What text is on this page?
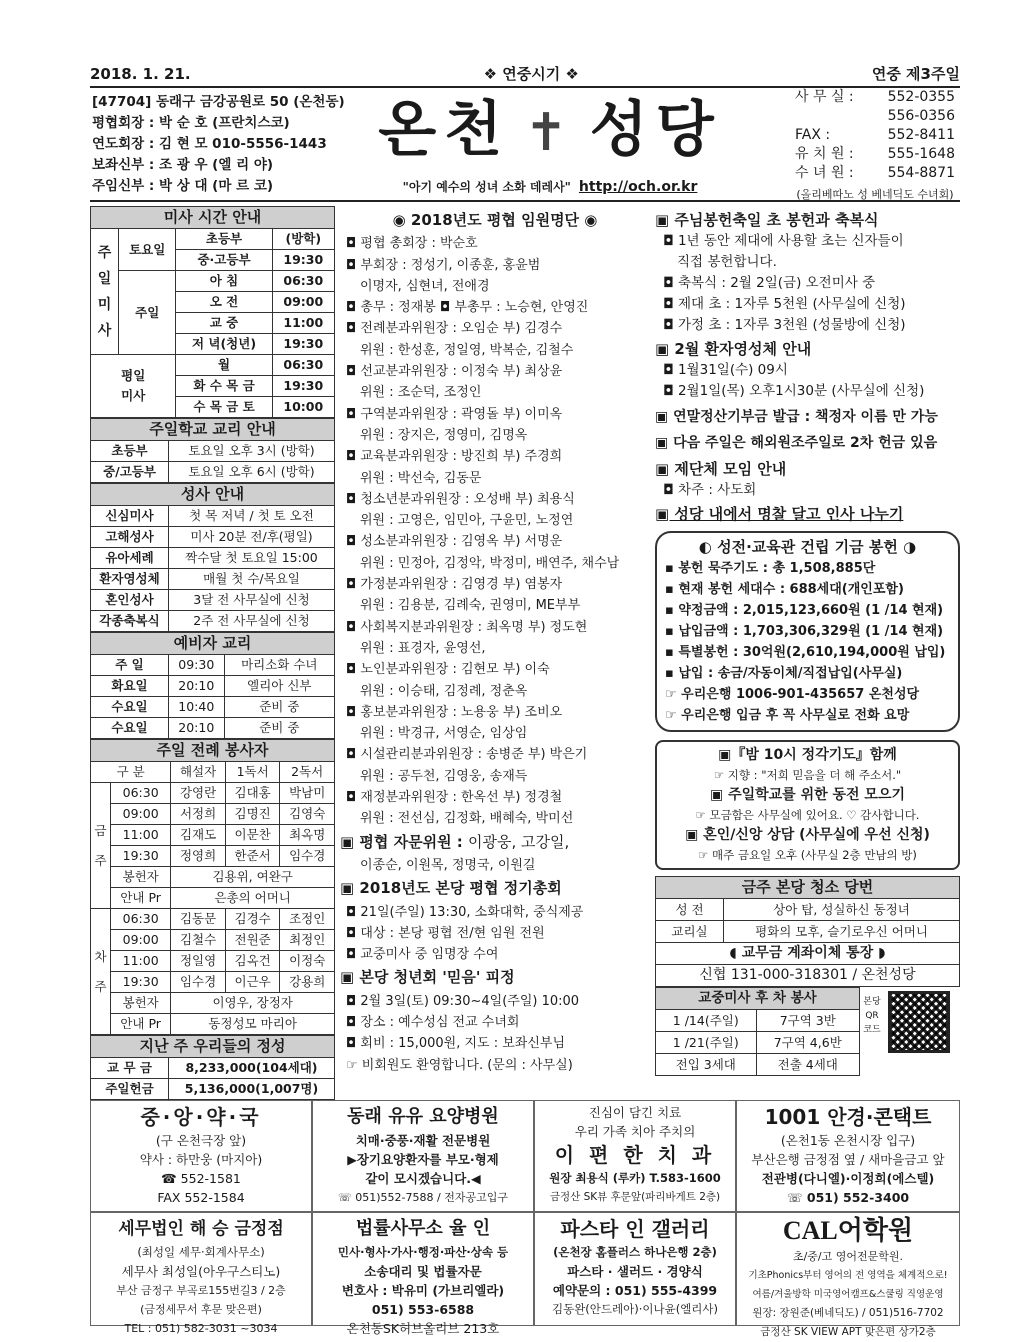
2018. 1. 21.	❖ 연중시기 ❖	연중 제3주일
[47704] 동래구 금강공원로 50 (온천동)
평협회장 : 박 순 호 (프란치스코)
연도회장 : 김 현 모 010-5556-1443
보좌신부 : 조 광 우 (엘 리 야)
주임신부 : 박 상 대 (마 르 코)
온천 ✝ 성당
"아기 예수의 성녀 소화 데레사" http://och.or.kr
사 무 실 : 552-0355
556-0356
FAX :	552-8411
유 치 원 : 555-1648
수 녀 원 : 554-8871
(올리베따노 성 베네딕도 수녀회)
미사 시간 안내			
주
일
미
사	토요일	초등부	(방학)
		중·고등부	19:30
	주일	아 침	06:30
		오 전	09:00
		교 중	11:00
		저 녁(청년)	19:30
평일
미사		월	06:30
		화 수 목 금	19:30
		수 목 금 토	10:00
주일학교 교리 안내	
초등부	토요일 오후 3시 (방학)
중/고등부	토요일 오후 6시 (방학)
성사 안내	
신심미사	첫 목 저녁 / 첫 토 오전
고해성사	미사 20분 전/후(평일)
유아세례	짝수달 첫 토요일 15:00
환자영성체	매월 첫 수/목요일
혼인성사	3달 전 사무실에 신청
각종축복식	2주 전 사무실에 신청
예비자 교리		
주 일	09:30	마리소화 수녀
화요일	20:10	엘리아 신부
수요일	10:40	준비 중
수요일	20:10	준비 중
주일 전례 봉사자				
구 분		해설자	1독서	2독서
금
주	06:30	강영란	김대홍	박남미
	09:00	서정희	김명진	김영숙
	11:00	김재도	이문찬	최옥명
	19:30	정영희	한준서	임수경
	봉헌자	김용위, 여완구		
	안내 Pr	은총의 어머니		
차
주	06:30	김동문	김경수	조정인
	09:00	김철수	전원준	최정인
	11:00	정일영	김옥건	이정숙
	19:30	임수경	이근우	강용희
	봉헌자	이영우, 장정자		
	안내 Pr	동정성모 마리아		
지난 주 우리들의 정성	
교 무 금	8,233,000(104세대)
주일헌금	5,136,000(1,007명)
◉ 2018년도 평협 임원명단 ◉
◘ 평협 총회장 : 박순호
◘ 부회장 : 정성기, 이종훈, 홍윤범
이명자, 심현녀, 전애경
◘ 총무 : 정재봉 ◘ 부총무 : 노승현, 안영진
◘ 전례분과위원장 : 오임순 부) 김경수
위원 : 한성훈, 정일영, 박복순, 김철수
◘ 선교분과위원장 : 이정숙 부) 최상윤
위원 : 조순덕, 조정인
◘ 구역분과위원장 : 곽영돌 부) 이미옥
위원 : 장지은, 정영미, 김명옥
◘ 교육분과위원장 : 방진희 부) 주경희
위원 : 박선숙, 김동문
◘ 청소년분과위원장 : 오성배 부) 최용식
위원 : 고영은, 임민아, 구윤민, 노정연
◘ 성소분과위원장 : 김영옥 부) 서명운
위원 : 민정아, 김정악, 박정미, 배연주, 채수남
◘ 가정분과위원장 : 김영경 부) 염봉자
위원 : 김용분, 김례숙, 권영미, ME부부
◘ 사회복지분과위원장 : 최옥명 부) 정도현
위원 : 표경자, 윤영선,
◘ 노인분과위원장 : 김현모 부) 이숙
위원 : 이승태, 김정례, 정춘옥
◘ 홍보분과위원장 : 노용웅 부) 조비오
위원 : 박경규, 서영순, 임상임
◘ 시설관리분과위원장 : 송병준 부) 박은기
위원 : 공두천, 김영웅, 송재득
◘ 재정분과위원장 : 한옥선 부) 정경철
위원 : 전선심, 김정화, 배혜숙, 박미선
▣ 평협 자문위원 : 이광웅, 고강일,
이종순, 이원목, 정명국, 이원길
▣ 2018년도 본당 평협 정기총회
◘ 21일(주일) 13:30, 소화대학, 중식제공
◘ 대상 : 본당 평협 전/현 임원 전원
◘ 교중미사 중 임명장 수여
▣ 본당 청년회 '믿음' 피정
◘ 2월 3일(토) 09:30~4일(주일) 10:00
◘ 장소 : 예수성심 전교 수녀회
◘ 회비 : 15,000원, 지도 : 보좌신부님
☞ 비회원도 환영합니다. (문의 : 사무실)
▣ 주님봉헌축일 초 봉헌과 축복식
◘ 1년 동안 제대에 사용할 초는 신자들이
직접 봉헌합니다.
◘ 축복식 : 2월 2일(금) 오전미사 중
◘ 제대 초 : 1자루 5천원 (사무실에 신청)
◘ 가정 초 : 1자루 3천원 (성물방에 신청)
▣ 2월 환자영성체 안내
◘ 1월31일(수) 09시
◘ 2월1일(목) 오후1시30분 (사무실에 신청)
▣ 연말정산기부금 발급 : 책정자 이름 만 가능
▣ 다음 주일은 해외원조주일로 2차 헌금 있음
▣ 제단체 모임 안내
◘ 차주 : 사도회
▣ 성당 내에서 명찰 달고 인사 나누기
◐ 성전·교육관 건립 기금 봉헌 ◑
▪ 봉헌 묵주기도 : 총 1,508,885단
▪ 현재 봉헌 세대수 : 688세대(개인포함)
▪ 약정금액 : 2,015,123,660원 (1 /14 현재)
▪ 납입금액 : 1,703,306,329원 (1 /14 현재)
▪ 특별봉헌 : 30억원(2,610,194,000원 납입)
▪ 납입 : 송금/자동이체/직접납입(사무실)
☞ 우리은행 1006-901-435657 온천성당
☞ 우리은행 입금 후 꼭 사무실로 전화 요망
▣『밤 10시 정각기도』함께
☞ 지향 : "저희 믿음을 더 해 주소서."
▣ 주일학교를 위한 동전 모으기
☞ 모금함은 사무실에 있어요. ♡ 감사합니다.
▣ 혼인/신앙 상담 (사무실에 우선 신청)
☞ 매주 금요일 오후 (사무실 2층 만남의 방)
금주 본당 청소 당번	
성 전	상아 탑, 성실하신 동정녀
교리실	평화의 모후, 슬기로우신 어머니
◖ 교무금 계좌이체 통장 ◗	
신협 131-000-318301 / 온천성당	
교중미사 후 차 봉사	
1 /14(주일)	7구역 3반
1 /21(주일)	7구역 4,6반
전입 3세대	전출 4세대
본당 QR 코드
중·앙·약·국
(구 온천극장 앞)
약사 : 하만웅 (마지아)
☎ 552-1581
FAX 552-1584
동래 유유 요양병원
치매·중풍·재활 전문병원
▶장기요양환자를 부모·형제
같이 모시겠습니다.◀
☏ 051)552-7588 / 전자공고입구
진심이 담긴 치료
우리 가족 치아 주치의
이 편 한 치 과
원장 최용식 (루카) T.583-1600
금정산 SK뷰 후문앞(파리바게트 2층)
1001 안경·콘택트
(온천1동 온천시장 입구)
부산은행 금정점 옆 / 새마을금고 앞
전관병(다니엘)·이정희(에스텔)
☏ 051) 552-3400
세무법인 해 승 금정점
(최성일 세무·회계사무소)
세무사 최성일(아우구스티노)
부산 금정구 부곡로155번길3 / 2층
(금정세무서 후문 맞은편)
TEL : 051) 582-3031 ~3034
법률사무소 율 인
민사·형사·가사·행정·파산·상속 등
소송대리 및 법률자문
변호사 : 박유미 (가브리엘라)
051) 553-6588
온천동SK허브올리브 213호
파스타 인 갤러리
(온천장 홈플러스 하나은행 2층)
파스타 · 샐러드 · 경양식
예약문의 : 051) 555-4399
김동완(안드레아)·이나윤(엘리사)
CAL어학원
초/중/고 영어전문학원.
기초Phonics부터 영어의 전 영역을 체계적으로!
여름/겨울방학 미국영어캠프&스쿨링 직영운영
원장: 장원준(베네딕도) / 051)516-7702
금정산 SK VIEW APT 맞은편 상가2층
